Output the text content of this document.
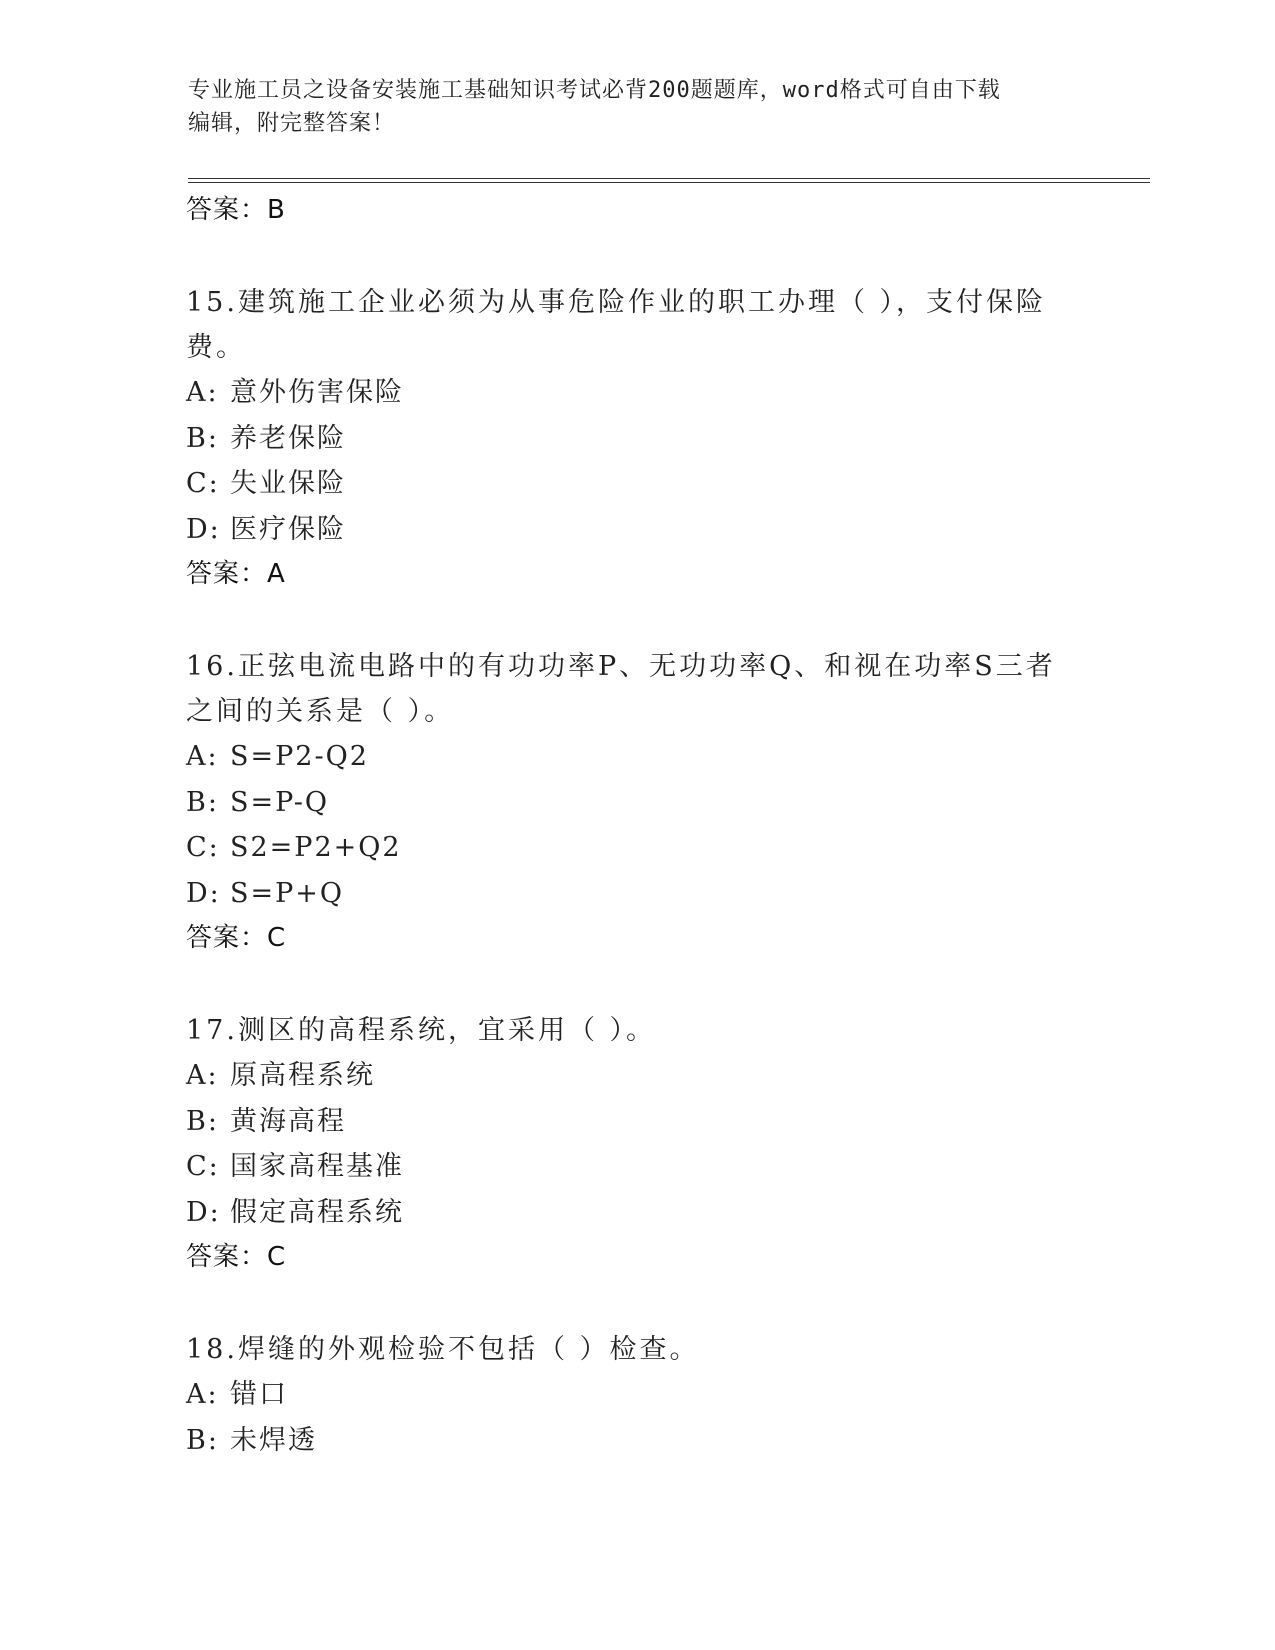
专业施工员之设备安装施工基础知识考试必背200题题库，word格式可自由下载
编辑，附完整答案！
答案：B
15.建筑施工企业必须为从事危险作业的职工办理（ ），支付保险费。
A: 意外伤害保险
B: 养老保险
C: 失业保险
D: 医疗保险
答案：A
16.正弦电流电路中的有功功率P、无功功率Q、和视在功率S三者之间的关系是（ ）。
A: S=P2-Q2
B: S=P-Q
C: S2=P2+Q2
D: S=P+Q
答案：C
17.测区的高程系统，宜采用（ ）。
A: 原高程系统
B: 黄海高程
C: 国家高程基准
D: 假定高程系统
答案：C
18.焊缝的外观检验不包括（ ）检查。
A: 错口
B: 未焊透
